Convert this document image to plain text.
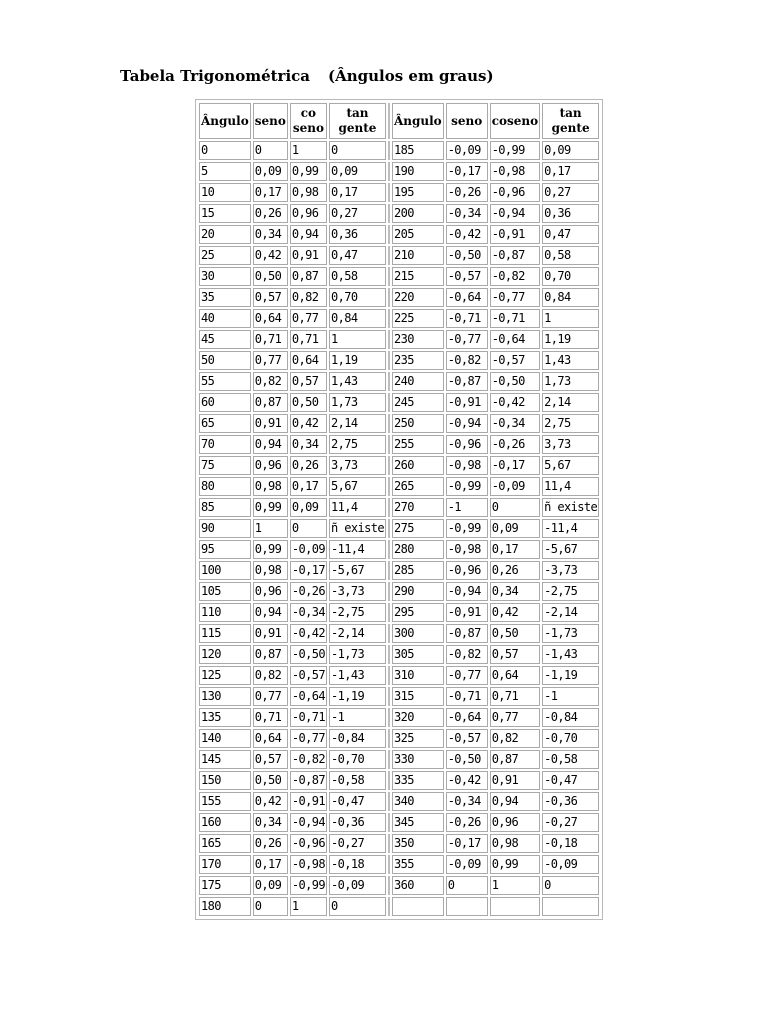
Tabela Trigonométrica (Ângulos em graus)
Ângulo	seno	co seno	tan gente		Ângulo	seno	coseno	tan gente
0	0	1	0		185	-0,09	-0,99	0,09
5	0,09	0,99	0,09		190	-0,17	-0,98	0,17
10	0,17	0,98	0,17		195	-0,26	-0,96	0,27
15	0,26	0,96	0,27		200	-0,34	-0,94	0,36
20	0,34	0,94	0,36		205	-0,42	-0,91	0,47
25	0,42	0,91	0,47		210	-0,50	-0,87	0,58
30	0,50	0,87	0,58		215	-0,57	-0,82	0,70
35	0,57	0,82	0,70		220	-0,64	-0,77	0,84
40	0,64	0,77	0,84		225	-0,71	-0,71	1
45	0,71	0,71	1		230	-0,77	-0,64	1,19
50	0,77	0,64	1,19		235	-0,82	-0,57	1,43
55	0,82	0,57	1,43		240	-0,87	-0,50	1,73
60	0,87	0,50	1,73		245	-0,91	-0,42	2,14
65	0,91	0,42	2,14		250	-0,94	-0,34	2,75
70	0,94	0,34	2,75		255	-0,96	-0,26	3,73
75	0,96	0,26	3,73		260	-0,98	-0,17	5,67
80	0,98	0,17	5,67		265	-0,99	-0,09	11,4
85	0,99	0,09	11,4		270	-1	0	ñ existe
90	1	0	ñ existe		275	-0,99	0,09	-11,4
95	0,99	-0,09	-11,4		280	-0,98	0,17	-5,67
100	0,98	-0,17	-5,67		285	-0,96	0,26	-3,73
105	0,96	-0,26	-3,73		290	-0,94	0,34	-2,75
110	0,94	-0,34	-2,75		295	-0,91	0,42	-2,14
115	0,91	-0,42	-2,14		300	-0,87	0,50	-1,73
120	0,87	-0,50	-1,73		305	-0,82	0,57	-1,43
125	0,82	-0,57	-1,43		310	-0,77	0,64	-1,19
130	0,77	-0,64	-1,19		315	-0,71	0,71	-1
135	0,71	-0,71	-1		320	-0,64	0,77	-0,84
140	0,64	-0,77	-0,84		325	-0,57	0,82	-0,70
145	0,57	-0,82	-0,70		330	-0,50	0,87	-0,58
150	0,50	-0,87	-0,58		335	-0,42	0,91	-0,47
155	0,42	-0,91	-0,47		340	-0,34	0,94	-0,36
160	0,34	-0,94	-0,36		345	-0,26	0,96	-0,27
165	0,26	-0,96	-0,27		350	-0,17	0,98	-0,18
170	0,17	-0,98	-0,18		355	-0,09	0,99	-0,09
175	0,09	-0,99	-0,09		360	0	1	0
180	0	1	0					
